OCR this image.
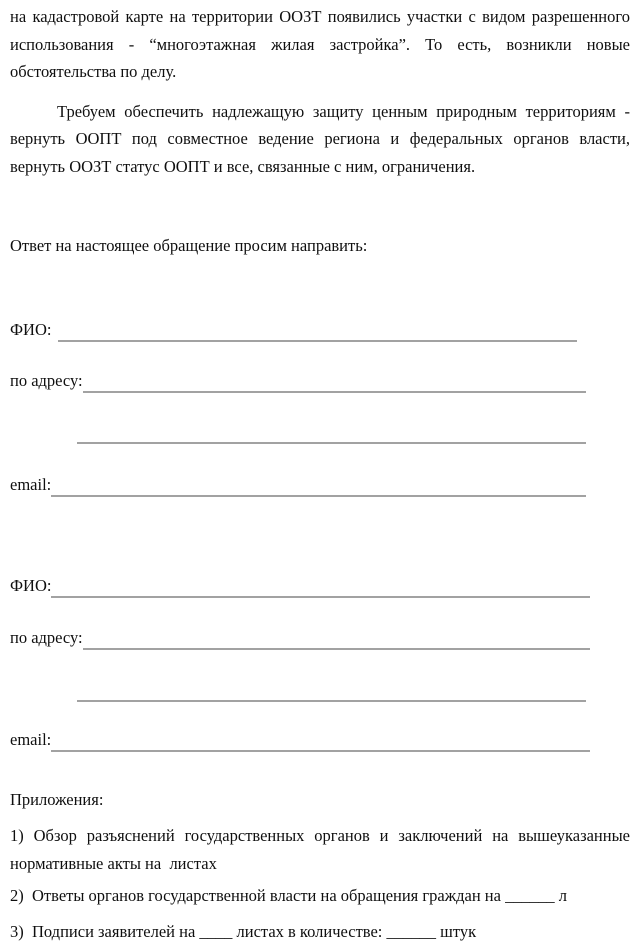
на кадастровой карте на территории ООЗТ появились участки с видом разрешенного использования - “многоэтажная жилая застройка”. То есть, возникли новые обстоятельства по делу.

Требуем обеспечить надлежащую защиту ценным природным территориям - вернуть ООПТ под совместное ведение региона и федеральных органов власти, вернуть ООЗТ статус ООПТ и все, связанные с ним, ограничения.

Ответ на настоящее обращение просим направить:

ФИО:
по адресу:
email:
ФИО:
по адресу:
email:

Приложения:

1) Обзор разъяснений государственных органов и заключений на вышеуказанные нормативные акты на  листах

2)  Ответы органов государственной власти на обращения граждан на ______ л

3)  Подписи заявителей на ____ листах в количестве: ______ штук
